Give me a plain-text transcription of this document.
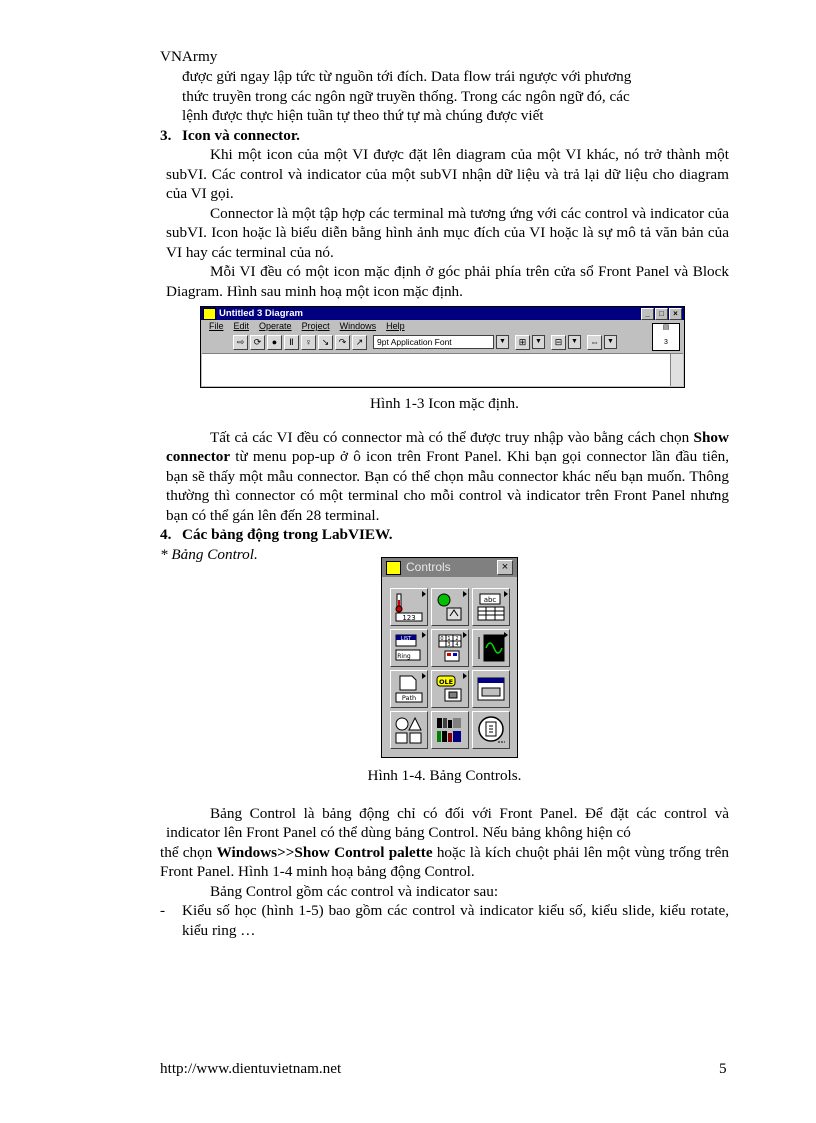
VNArmy

được gửi ngay lập tức từ nguồn tới đích. Data flow trái ngược với phương

thức truyền trong các ngôn ngữ truyền thống. Trong các ngôn ngữ đó, các

lệnh được thực hiện tuần tự theo thứ tự mà chúng được viết

3. Icon và connector.

Khi một icon của một VI được đặt lên diagram của một VI khác, nó trở thành một subVI. Các control và indicator của một subVI nhận dữ liệu và trả lại dữ liệu cho diagram của VI gọi.

Connector là một tập hợp các terminal mà tương ứng với các control và indicator của subVI. Icon hoặc là biểu diễn bằng hình ảnh mục đích của VI hoặc là sự mô tả văn bản của VI hay các terminal của nó.

Mỗi VI đều có một icon mặc định ở góc phải phía trên cửa sổ Front Panel và Block Diagram. Hình sau minh hoạ một icon mặc định.

Untitled 3 Diagram	_	□	×
File Edit Operate Project Windows Help
⇨	⟳	●	Ⅱ	♀	↘	↷	↗	9pt Application Font	▼	⊞	▼	⊟	▼	⇔	▼
▤
3

Hình 1-3 Icon mặc định.

Tất cả các VI đều có connector mà có thể được truy nhập vào bằng cách chọn Show connector từ menu pop-up ở ô icon trên Front Panel. Khi bạn gọi connector lần đầu tiên, bạn sẽ thấy một mẫu connector. Bạn có thể chọn mẫu connector khác nếu bạn muốn. Thông thường thì connector có một terminal cho mỗi control và indicator trên Front Panel nhưng bạn có thể gán lên đến 28 terminal.

4. Các bảng động trong LabVIEW.

* Bảng Control.

Controls	×
123
abc
LIST
Ring
0 1 2
3 4
Path
OLE

Hình 1-4. Bảng Controls.

Bảng Control là bảng động chỉ có đối với Front Panel. Để đặt các control và indicator lên Front Panel có thể dùng bảng Control. Nếu bảng không hiện có

thể chọn Windows>>Show Control palette hoặc là kích chuột phải lên một vùng trống trên Front Panel. Hình 1-4 minh hoạ bảng động Control.

Bảng Control gồm các control và indicator sau:

- Kiểu số học (hình 1-5) bao gồm các control và indicator kiểu số, kiểu slide, kiểu rotate, kiểu ring …

http://www.dientuvietnam.net	5
